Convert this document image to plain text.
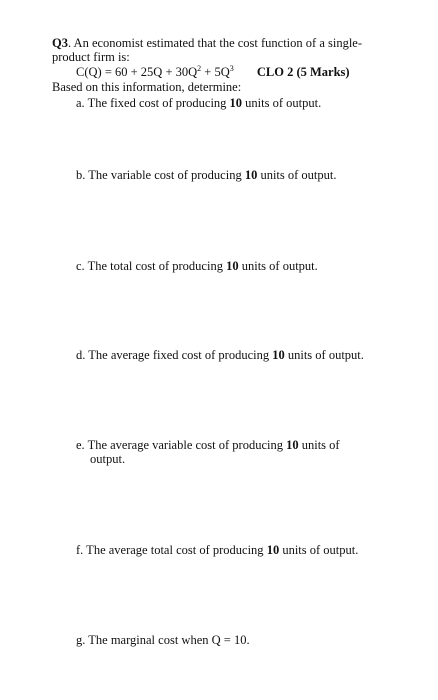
Q3. An economist estimated that the cost function of a single-
product firm is:
$C(Q) = 60 + 25Q + 30Q^2 + 5Q^3$ CLO 2 (5 Marks)
Based on this information, determine:
a. The fixed cost of producing 10 units of output.
b. The variable cost of producing 10 units of output.
c. The total cost of producing 10 units of output.
d. The average fixed cost of producing 10 units of output.
e. The average variable cost of producing 10 units of
output.
f. The average total cost of producing 10 units of output.
g. The marginal cost when Q = 10.
